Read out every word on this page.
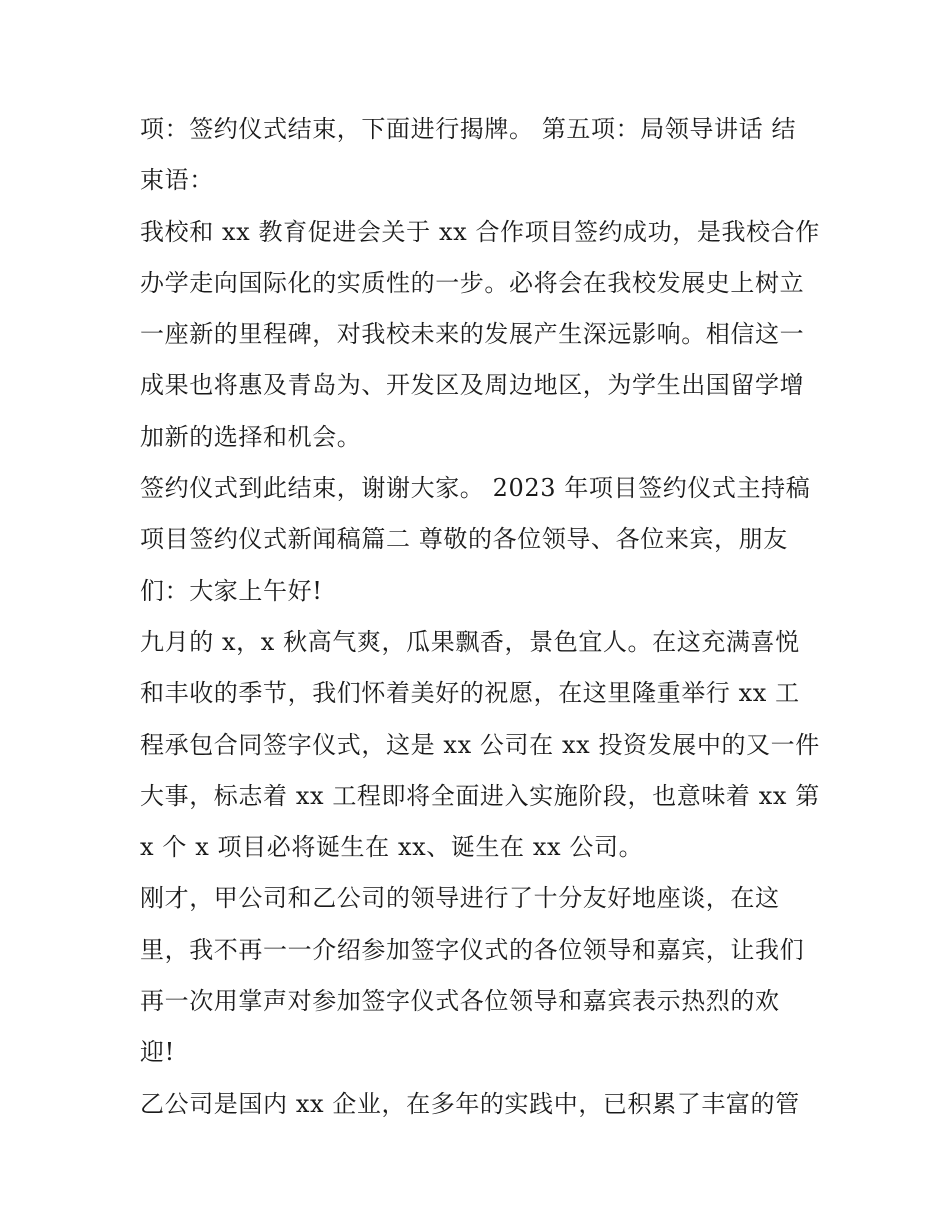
项：签约仪式结束，下面进行揭牌。 第五项：局领导讲话 结
束语：
我校和 xx 教育促进会关于 xx 合作项目签约成功，是我校合作
办学走向国际化的实质性的一步。必将会在我校发展史上树立
一座新的里程碑，对我校未来的发展产生深远影响。相信这一
成果也将惠及青岛为、开发区及周边地区，为学生出国留学增
加新的选择和机会。
签约仪式到此结束，谢谢大家。 2023 年项目签约仪式主持稿
项目签约仪式新闻稿篇二 尊敬的各位领导、各位来宾，朋友
们：大家上午好!
九月的 x，x 秋高气爽，瓜果飘香，景色宜人。在这充满喜悦
和丰收的季节，我们怀着美好的祝愿，在这里隆重举行 xx 工
程承包合同签字仪式，这是 xx 公司在 xx 投资发展中的又一件
大事，标志着 xx 工程即将全面进入实施阶段，也意味着 xx 第
x 个 x 项目必将诞生在 xx、诞生在 xx 公司。
刚才，甲公司和乙公司的领导进行了十分友好地座谈，在这
里，我不再一一介绍参加签字仪式的各位领导和嘉宾，让我们
再一次用掌声对参加签字仪式各位领导和嘉宾表示热烈的欢
迎!
乙公司是国内 xx 企业，在多年的实践中，已积累了丰富的管
